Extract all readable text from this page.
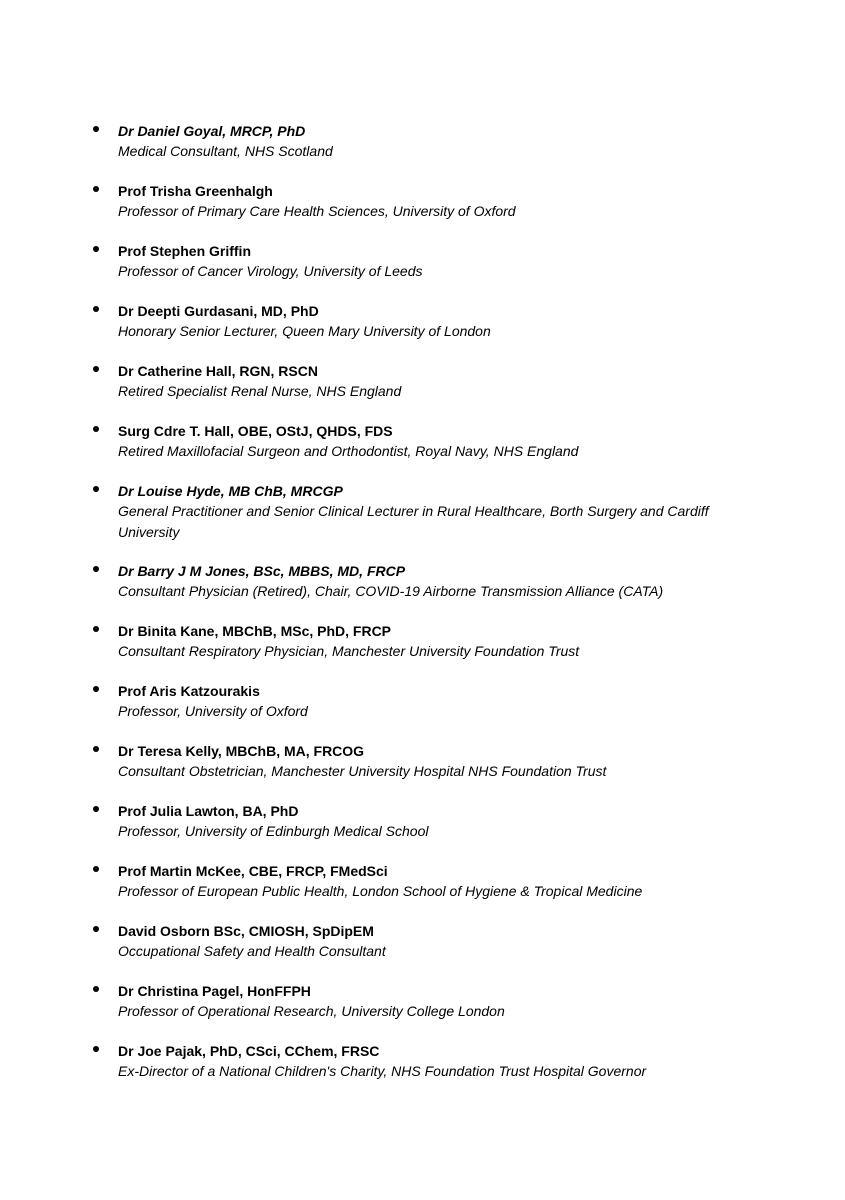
Dr Daniel Goyal, MRCP, PhD
Medical Consultant, NHS Scotland
Prof Trisha Greenhalgh
Professor of Primary Care Health Sciences, University of Oxford
Prof Stephen Griffin
Professor of Cancer Virology, University of Leeds
Dr Deepti Gurdasani, MD, PhD
Honorary Senior Lecturer, Queen Mary University of London
Dr Catherine Hall, RGN, RSCN
Retired Specialist Renal Nurse, NHS England
Surg Cdre T. Hall, OBE, OStJ, QHDS, FDS
Retired Maxillofacial Surgeon and Orthodontist, Royal Navy, NHS England
Dr Louise Hyde, MB ChB, MRCGP
General Practitioner and Senior Clinical Lecturer in Rural Healthcare, Borth Surgery and Cardiff University
Dr Barry J M Jones, BSc, MBBS, MD, FRCP
Consultant Physician (Retired), Chair, COVID-19 Airborne Transmission Alliance (CATA)
Dr Binita Kane, MBChB, MSc, PhD, FRCP
Consultant Respiratory Physician, Manchester University Foundation Trust
Prof Aris Katzourakis
Professor, University of Oxford
Dr Teresa Kelly, MBChB, MA, FRCOG
Consultant Obstetrician, Manchester University Hospital NHS Foundation Trust
Prof Julia Lawton, BA, PhD
Professor, University of Edinburgh Medical School
Prof Martin McKee, CBE, FRCP, FMedSci
Professor of European Public Health, London School of Hygiene & Tropical Medicine
David Osborn BSc, CMIOSH, SpDipEM
Occupational Safety and Health Consultant
Dr Christina Pagel, HonFFPH
Professor of Operational Research, University College London
Dr Joe Pajak, PhD, CSci, CChem, FRSC
Ex-Director of a National Children's Charity, NHS Foundation Trust Hospital Governor
